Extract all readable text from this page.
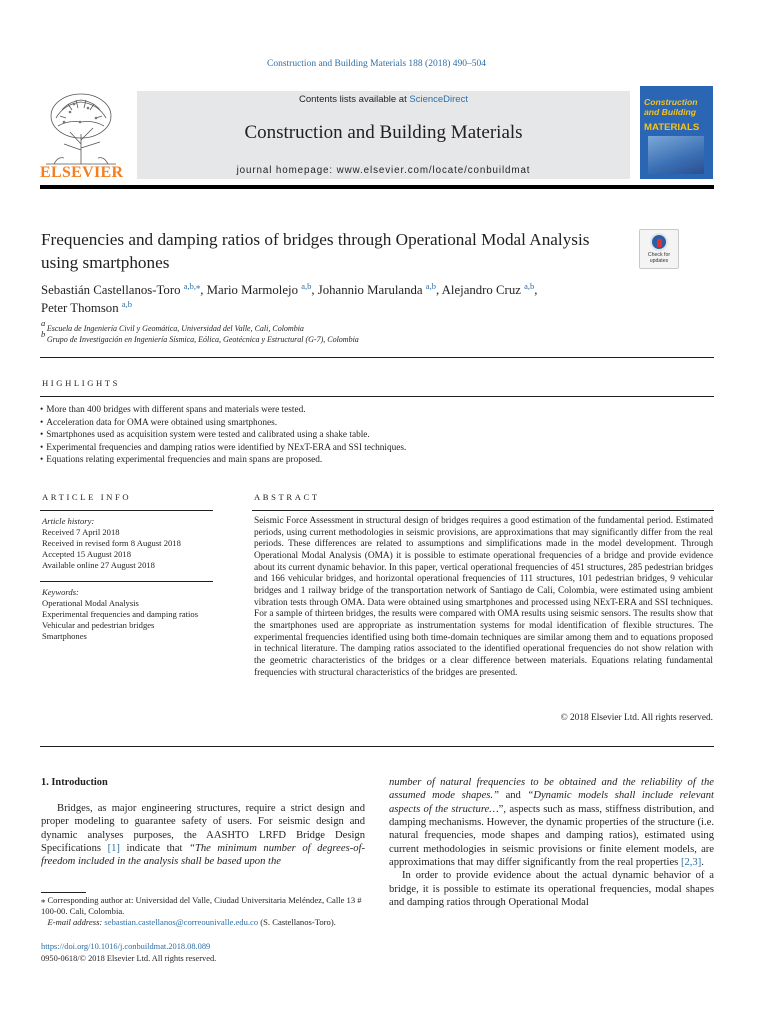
Construction and Building Materials 188 (2018) 490–504
ELSEVIER
Contents lists available at ScienceDirect
Construction and Building Materials
journal homepage: www.elsevier.com/locate/conbuildmat
Construction and Building
MATERIALS
Frequencies and damping ratios of bridges through Operational Modal Analysis using smartphones	Check for
updates
Sebastián Castellanos-Toro $^{a,b,⁎}$, Mario Marmolejo $^{a,b}$, Johannio Marulanda $^{a,b}$, Alejandro Cruz $^{a,b}$,
Peter Thomson $^{a,b}$
$^a$ Escuela de Ingeniería Civil y Geomática, Universidad del Valle, Cali, Colombia
$^b$ Grupo de Investigación en Ingeniería Sísmica, Eólica, Geotécnica y Estructural (G-7), Colombia
HIGHLIGHTS
• More than 400 bridges with different spans and materials were tested.
• Acceleration data for OMA were obtained using smartphones.
• Smartphones used as acquisition system were tested and calibrated using a shake table.
• Experimental frequencies and damping ratios were identified by NExT-ERA and SSI techniques.
• Equations relating experimental frequencies and main spans are proposed.
ARTICLE INFO
Article history:
Received 7 April 2018
Received in revised form 8 August 2018
Accepted 15 August 2018
Available online 27 August 2018
Keywords:
Operational Modal Analysis
Experimental frequencies and damping ratios
Vehicular and pedestrian bridges
Smartphones
ABSTRACT
Seismic Force Assessment in structural design of bridges requires a good estimation of the fundamental period. Estimated periods, using current methodologies in seismic provisions, are approximations that may significantly differ from the real periods. These differences are related to assumptions and simplifications made in the model development. Through Operational Modal Analysis (OMA) it is possible to estimate operational frequencies of a bridge and provide evidence about its current dynamic behavior. In this paper, vertical operational frequencies of 451 structures, 285 pedestrian bridges and 166 vehicular bridges, and horizontal operational frequencies of 111 structures, 101 pedestrian bridges, 9 vehicular bridges and 1 railway bridge of the transportation network of Santiago de Cali, Colombia, were estimated using ambient vibration tests through OMA. Data were obtained using smartphones and processed using NExT-ERA and SSI techniques. For a sample of thirteen bridges, the results were compared with OMA results using seismic sensors. The results show that the smartphones used are appropriate as instrumentation systems for modal identification of flexible structures. The experimental frequencies identified using both time-domain techniques are similar among them and to equations proposed in technical literature. The damping ratios associated to the identified operational frequencies do not show relation with the geometric characteristics of the bridges or a clear difference between materials. Equations relating fundamental frequencies with structural characteristics of the bridges are presented.
© 2018 Elsevier Ltd. All rights reserved.
1. Introduction
Bridges, as major engineering structures, require a strict design and proper modeling to guarantee safety of users. For seismic design and dynamic analyses purposes, the AASHTO LRFD Bridge Design Specifications [1] indicate that “The minimum number of degrees-of-freedom included in the analysis shall be based upon the

number of natural frequencies to be obtained and the reliability of the assumed mode shapes.” and “Dynamic models shall include relevant aspects of the structure…”, aspects such as mass, stiffness distribution, and damping mechanisms. However, the dynamic properties of the structure (i.e. natural frequencies, mode shapes and damping ratios), estimated using current methodologies in seismic provisions or finite element models, are approximations that may differ significantly from the real properties [2,3].

In order to provide evidence about the actual dynamic behavior of a bridge, it is possible to estimate its operational frequencies, modal shapes and damping ratios through Operational Modal

⁎ Corresponding author at: Universidad del Valle, Ciudad Universitaria Meléndez, Calle 13 # 100-00. Cali, Colombia.
E-mail address: sebastian.castellanos@correounivalle.edu.co (S. Castellanos-Toro).
https://doi.org/10.1016/j.conbuildmat.2018.08.089
0950-0618/© 2018 Elsevier Ltd. All rights reserved.
